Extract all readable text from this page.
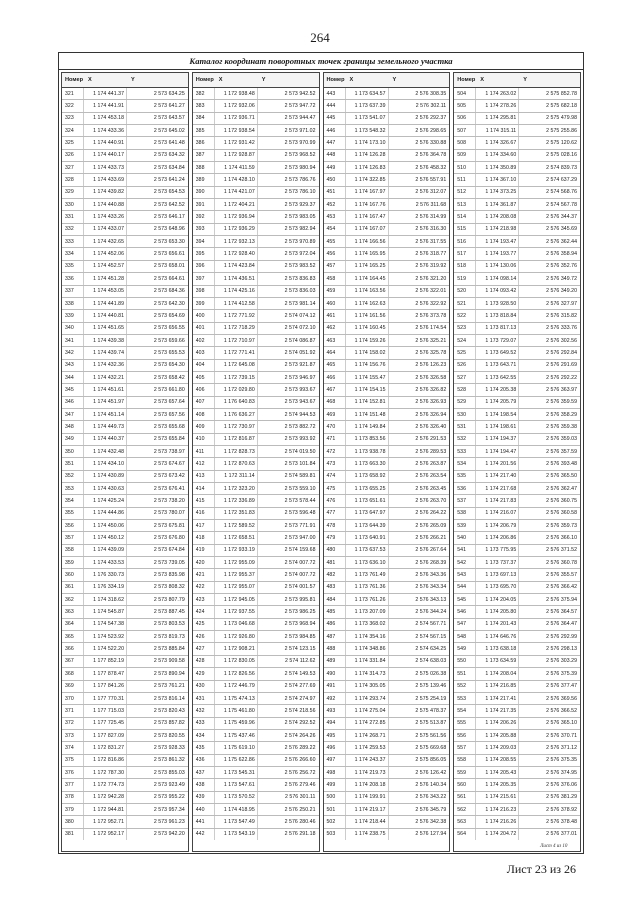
264
Каталог координат поворотных точек границы земельного участка
Номер X	Y
321	1 174 441.37	2 573 634.25
322	1 174 441.91	2 573 641.27
323	1 174 453.18	2 573 643.57
324	1 174 433.36	2 573 645.02
325	1 174 440.91	2 573 641.48
326	1 174 440.17	2 573 634.32
327	1 174 433.73	2 573 634.84
328	1 174 433.69	2 573 641.24
329	1 174 439.82	2 573 654.53
330	1 174 440.88	2 573 642.52
331	1 174 433.26	2 573 646.17
332	1 174 433.07	2 573 648.96
333	1 174 432.65	2 573 653.30
334	1 174 452.06	2 573 656.61
335	1 174 452.57	2 573 658.01
336	1 174 451.28	2 573 664.61
337	1 174 453.05	2 573 684.36
338	1 174 441.89	2 573 642.30
339	1 174 440.81	2 573 654.69
340	1 174 451.65	2 573 656.55
341	1 174 439.38	2 573 659.66
342	1 174 439.74	2 573 655.53
343	1 174 432.36	2 573 654.30
344	1 174 432.21	2 573 658.42
345	1 174 451.61	2 573 661.80
346	1 174 451.97	2 573 657.64
347	1 174 451.14	2 573 657.56
348	1 174 449.73	2 573 655.68
349	1 174 440.37	2 573 655.84
350	1 174 432.48	2 573 738.97
351	1 174 434.10	2 573 674.67
352	1 174 430.89	2 573 673.42
353	1 174 430.63	2 573 676.41
354	1 174 425.24	2 573 738.20
355	1 174 444.86	2 573 780.07
356	1 174 450.06	2 573 675.81
357	1 174 450.12	2 573 676.80
358	1 174 439.09	2 573 674.84
359	1 174 433.53	2 573 739.05
360	1 176 330.73	2 573 835.98
361	1 176 334.19	2 573 808.32
362	1 174 318.62	2 573 807.79
363	1 174 545.87	2 573 887.45
364	1 174 547.38	2 573 803.53
365	1 174 523.92	2 573 819.73
366	1 174 522.20	2 573 885.84
367	1 177 852.19	2 573 909.58
368	1 177 878.47	2 573 890.94
369	1 177 841.26	2 573 761.21
370	1 177 770.31	2 573 816.14
371	1 177 715.03	2 573 820.43
372	1 177 725.45	2 573 857.82
373	1 177 827.09	2 573 820.55
374	1 172 831.27	2 573 928.33
375	1 172 816.86	2 573 861.32
376	1 172 787.30	2 573 855.03
377	1 172 774.73	2 573 923.49
378	1 172 942.28	2 573 955.22
379	1 172 944.81	2 573 957.34
380	1 172 952.71	2 573 961.23
381	1 172 952.17	2 573 942.20
Номер X	Y
382	1 172 938.48	2 573 942.52
383	1 172 932.06	2 573 947.72
384	1 172 936.71	2 573 944.47
385	1 172 938.54	2 573 971.02
386	1 172 931.42	2 573 970.99
387	1 172 928.87	2 573 968.52
388	1 174 411.59	2 573 980.94
389	1 174 428.10	2 573 786.76
390	1 174 421.07	2 573 786.10
391	1 172 404.21	2 573 929.37
392	1 172 936.94	2 573 983.05
393	1 172 936.29	2 573 982.94
394	1 172 932.13	2 573 970.89
395	1 172 928.40	2 573 972.04
396	1 174 423.84	2 573 983.52
397	1 174 436.51	2 573 836.83
398	1 174 425.16	2 573 836.03
399	1 174 412.58	2 573 981.14
400	1 172 771.92	2 574 074.12
401	1 172 718.29	2 574 072.10
402	1 172 710.97	2 574 086.87
403	1 172 771.41	2 574 051.92
404	1 172 645.08	2 573 921.87
405	1 172 739.15	2 573 946.97
406	1 172 029.80	2 573 993.67
407	1 176 640.83	2 573 943.67
408	1 176 636.27	2 574 944.53
409	1 172 730.97	2 573 882.72
410	1 172 816.87	2 573 993.92
411	1 172 828.73	2 574 019.50
412	1 172 870.63	2 573 101.84
413	1 172 311.14	2 574 589.81
414	1 172 323.20	2 573 559.10
415	1 172 336.89	2 573 578.44
416	1 172 351.83	2 573 596.48
417	1 172 589.52	2 573 771.91
418	1 172 658.51	2 573 947.00
419	1 172 933.19	2 574 159.68
420	1 172 955.09	2 574 007.72
421	1 172 955.37	2 574 007.72
422	1 172 955.07	2 574 001.57
423	1 172 945.05	2 573 995.81
424	1 172 937.55	2 573 986.25
425	1 173 046.68	2 573 968.94
426	1 172 926.80	2 573 984.85
427	1 172 908.21	2 574 123.15
428	1 172 830.05	2 574 112.62
429	1 172 826.56	2 574 149.53
430	1 172 446.79	2 574 277.69
431	1 175 474.13	2 574 274.97
432	1 175 461.80	2 574 218.56
433	1 175 459.96	2 574 292.52
434	1 175 437.46	2 574 264.26
435	1 175 619.10	2 576 289.22
436	1 175 622.86	2 576 266.60
437	1 173 545.31	2 576 256.72
438	1 173 547.61	2 576 279.46
439	1 173 570.52	2 576 301.11
440	1 174 418.95	2 576 250.21
441	1 173 547.49	2 576 280.46
442	1 173 543.19	2 576 291.18
Номер X	Y
443	1 173 634.57	2 576 308.35
444	1 173 637.39	2 576 302.11
445	1 173 541.07	2 576 292.37
446	1 173 548.32	2 576 298.65
447	1 174 173.10	2 576 330.88
448	1 174 126.28	2 576 364.78
449	1 174 126.83	2 576 458.32
450	1 174 322.85	2 576 557.91
451	1 174 167.97	2 576 312.07
452	1 174 167.76	2 576 311.68
453	1 174 167.47	2 576 314.99
454	1 174 167.07	2 576 316.30
455	1 174 166.56	2 576 317.55
456	1 174 165.95	2 576 318.77
457	1 174 165.25	2 576 319.92
458	1 174 164.45	2 576 321.20
459	1 174 163.56	2 576 322.01
460	1 174 162.63	2 576 322.92
461	1 174 161.56	2 576 373.78
462	1 174 160.45	2 576 174.54
463	1 174 159.26	2 576 325.21
464	1 174 158.02	2 576 325.78
465	1 174 156.76	2 576 126.23
466	1 174 155.47	2 576 326.58
467	1 174 154.15	2 576 326.82
468	1 174 152.81	2 576 326.93
469	1 174 151.48	2 576 326.94
470	1 174 149.84	2 576 326.40
471	1 173 853.56	2 576 291.53
472	1 173 938.78	2 576 289.53
473	1 173 663.30	2 576 263.87
474	1 173 658.92	2 576 263.54
475	1 173 655.25	2 576 263.45
476	1 173 651.61	2 576 263.70
477	1 173 647.97	2 576 264.22
478	1 173 644.39	2 576 265.09
479	1 173 640.91	2 576 266.21
480	1 173 637.53	2 576 267.64
481	1 173 636.10	2 576 268.39
482	1 173 761.49	2 576 343.36
483	1 173 761.36	2 576 343.34
484	1 173 761.26	2 576 343.13
485	1 173 207.09	2 576 344.24
486	1 173 368.02	2 574 567.71
487	1 174 354.16	2 574 567.15
488	1 174 348.86	2 574 634.25
489	1 174 331.84	2 574 638.03
490	1 174 314.73	2 575 026.38
491	1 174 305.05	2 575 139.46
492	1 174 293.74	2 575 254.19
493	1 174 275.04	2 575 478.37
494	1 174 272.85	2 575 513.87
495	1 174 268.71	2 575 561.56
496	1 174 259.53	2 575 669.68
497	1 174 243.37	2 575 856.05
498	1 174 219.73	2 576 126.42
499	1 174 208.18	2 576 140.34
500	1 174 199.91	2 576 343.22
501	1 174 219.17	2 576 345.79
502	1 174 218.44	2 576 342.38
503	1 174 238.75	2 576 127.94
Номер X	Y
504	1 174 263.02	2 575 852.78
505	1 174 278.26	2 575 682.18
506	1 174 295.81	2 575 479.98
507	1 174 315.11	2 575 255.86
508	1 174 326.67	2 575 120.62
509	1 174 334.60	2 575 028.16
510	1 174 350.89	2 574 839.73
511	1 174 367.10	2 574 637.29
512	1 174 373.25	2 574 568.76
513	1 174 361.87	2 574 567.78
514	1 174 208.08	2 576 344.37
515	1 174 218.98	2 576 345.69
516	1 174 193.47	2 576 362.44
517	1 174 193.77	2 576 358.94
518	1 174 130.06	2 576 352.76
519	1 174 098.14	2 576 349.72
520	1 174 093.42	2 576 349.20
521	1 173 928.50	2 576 327.97
522	1 173 818.84	2 576 315.82
523	1 173 817.13	2 576 333.76
524	1 173 729.07	2 576 302.56
525	1 173 649.52	2 576 292.84
526	1 173 643.71	2 576 291.69
527	1 173 642.55	2 576 292.22
528	1 174 205.38	2 576 363.97
529	1 174 205.79	2 576 359.59
530	1 174 198.54	2 576 358.29
531	1 174 198.61	2 576 359.38
532	1 174 194.37	2 576 359.03
533	1 174 194.47	2 576 357.59
534	1 174 201.56	2 576 393.48
535	1 174 217.40	2 576 365.50
536	1 174 217.68	2 576 362.47
537	1 174 217.83	2 576 360.75
538	1 174 216.07	2 576 360.58
539	1 174 206.79	2 576 359.73
540	1 174 206.86	2 576 366.10
541	1 173 775.95	2 576 371.52
542	1 173 737.37	2 576 360.78
543	1 173 697.13	2 576 355.57
544	1 173 695.70	2 576 366.42
545	1 174 204.05	2 576 375.94
546	1 174 205.80	2 576 364.57
547	1 174 201.43	2 576 364.47
548	1 174 646.76	2 576 292.99
549	1 173 638.18	2 576 298.13
550	1 173 634.59	2 576 303.29
551	1 174 208.04	2 576 375.39
552	1 174 216.85	2 576 377.47
553	1 174 217.41	2 576 369.56
554	1 174 217.35	2 576 366.52
555	1 174 206.26	2 576 365.10
556	1 174 205.88	2 576 370.71
557	1 174 209.03	2 576 371.12
558	1 174 208.55	2 576 375.35
559	1 174 205.43	2 576 374.95
560	1 174 205.35	2 576 376.06
561	1 174 215.61	2 576 381.29
562	1 174 216.23	2 576 378.92
563	1 174 216.26	2 576 378.48
564	1 174 204.72	2 576 377.01
Лист 4 из 10
Лист 23 из 26
